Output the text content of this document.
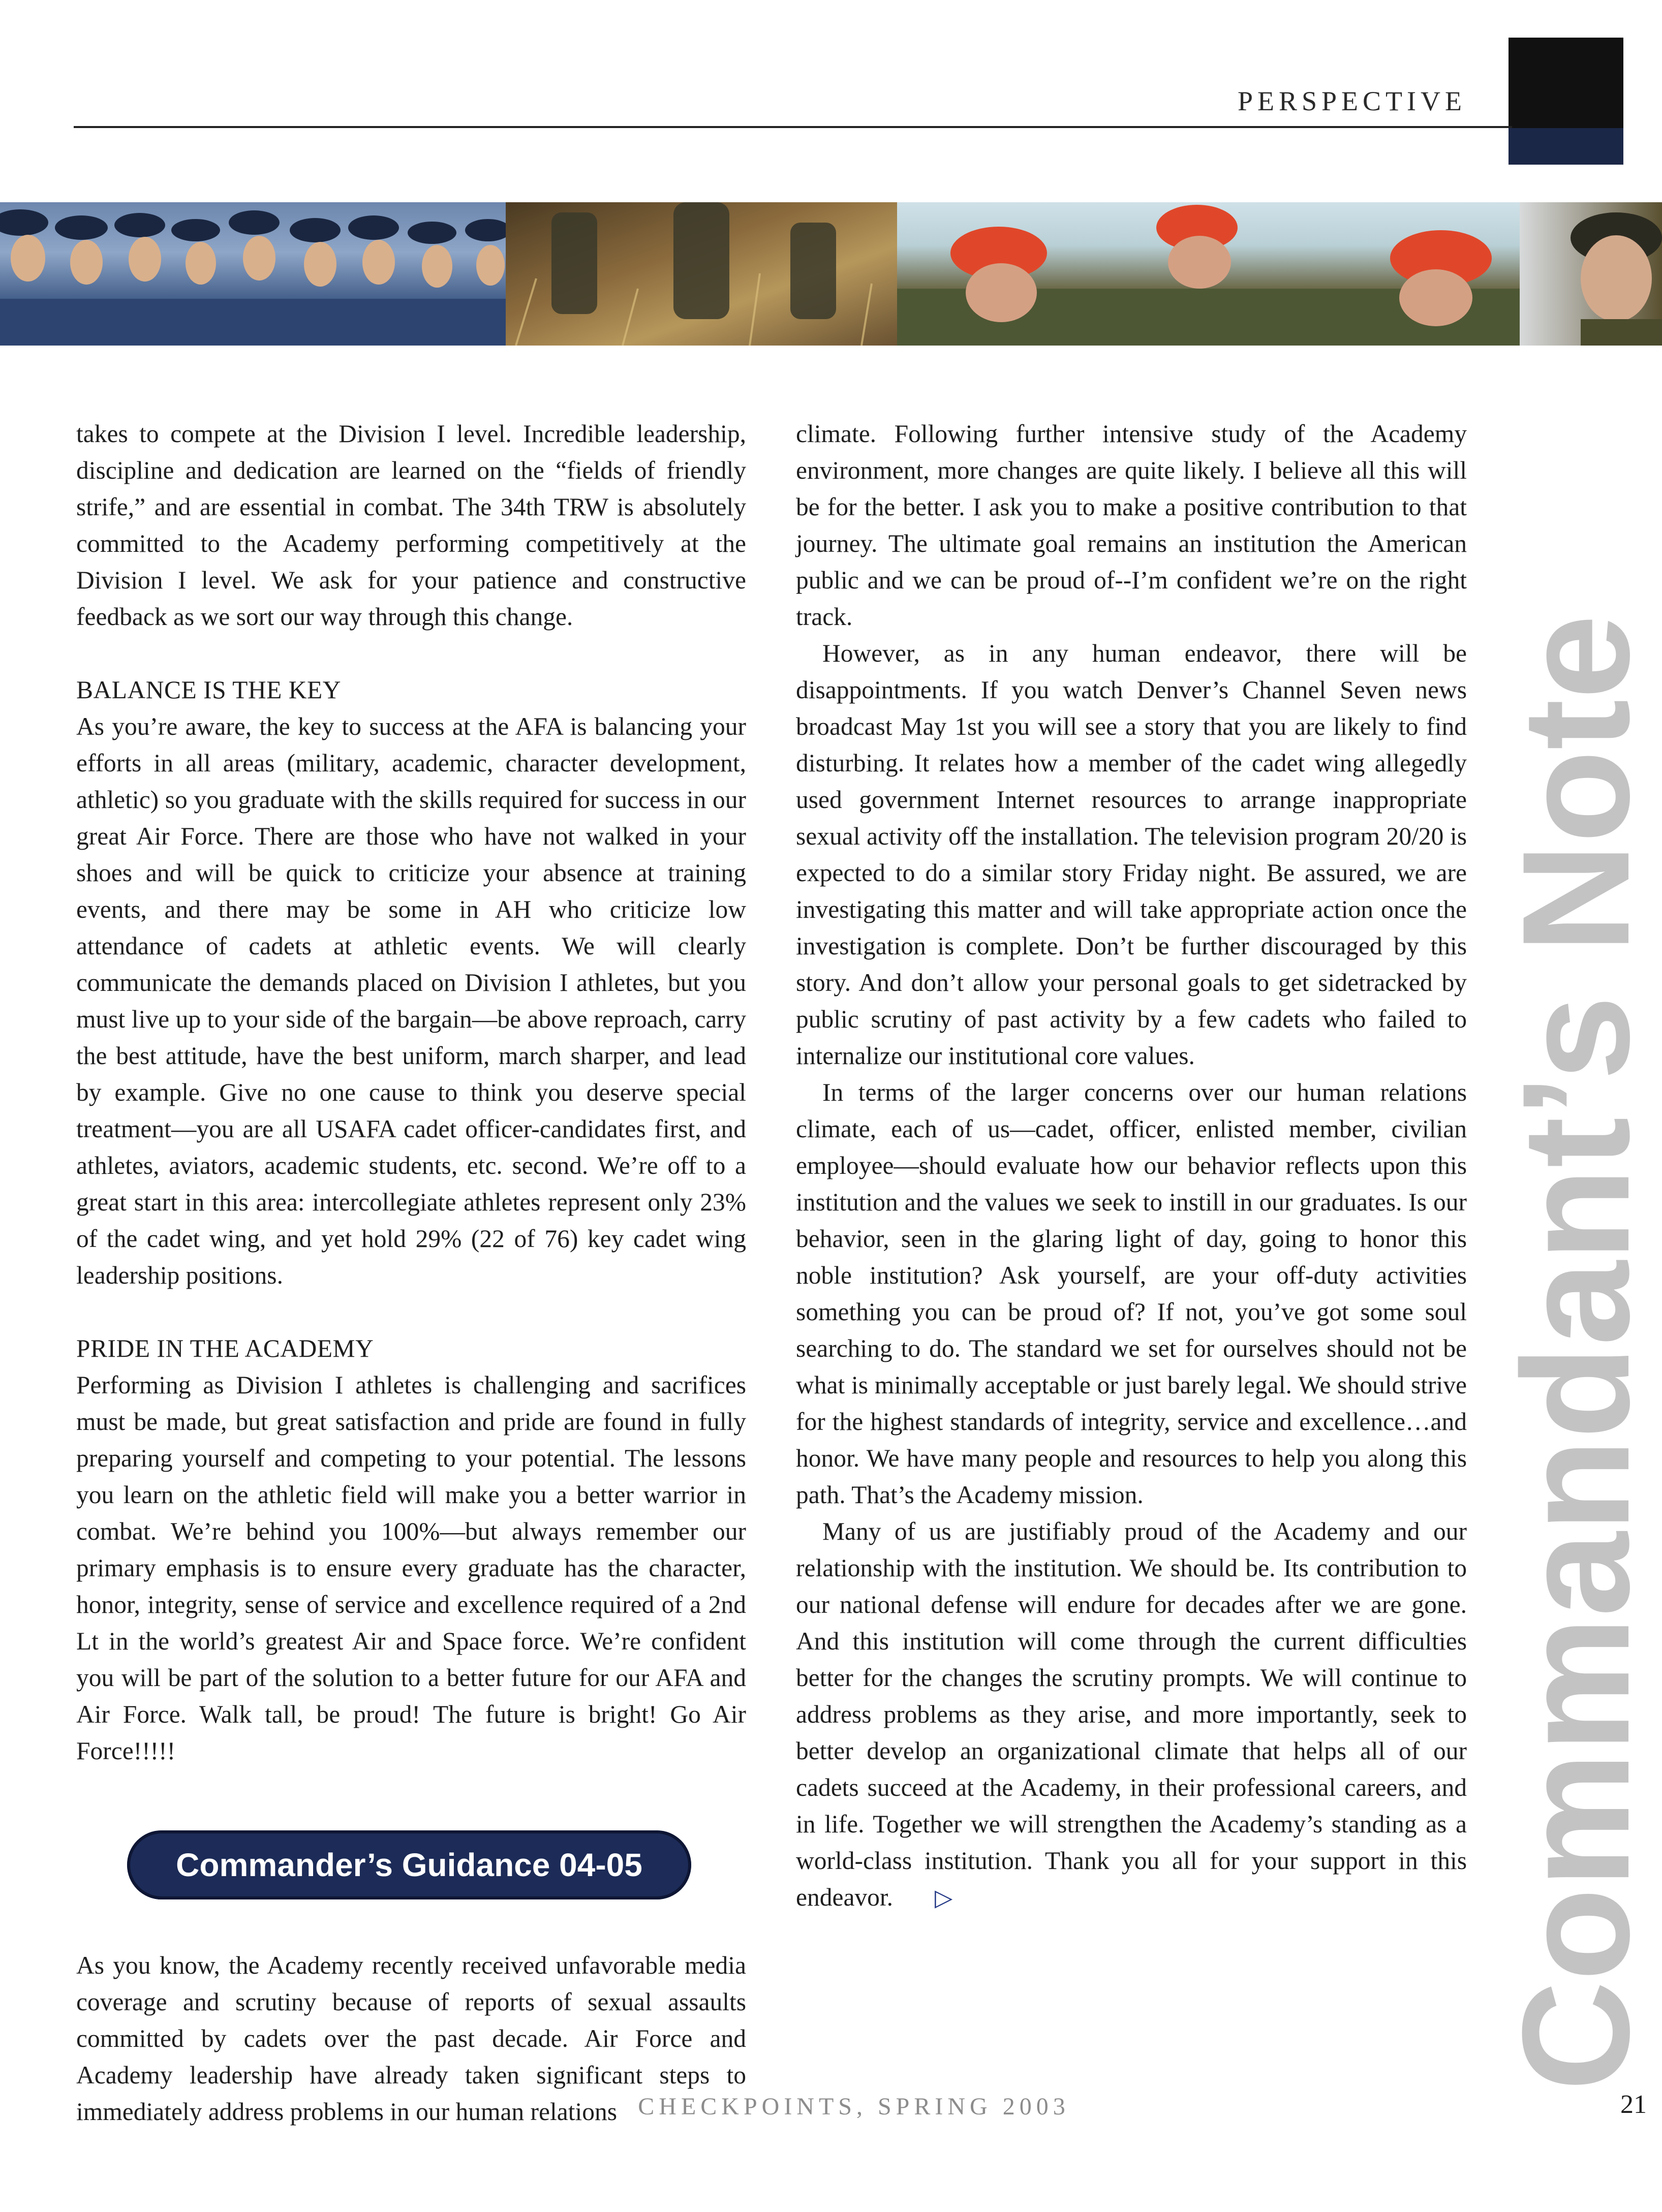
PERSPECTIVE
Commandant’s Note

takes to compete at the Division I level. Incredible leadership, discipline and dedication are learned on the “fields of friendly strife,” and are essential in combat. The 34th TRW is absolutely committed to the Academy performing competitively at the Division I level. We ask for your patience and constructive feedback as we sort our way through this change.

BALANCE IS THE KEY

As you’re aware, the key to success at the AFA is balancing your efforts in all areas (military, academic, character development, athletic) so you graduate with the skills required for success in our great Air Force. There are those who have not walked in your shoes and will be quick to criticize your absence at training events, and there may be some in AH who criticize low attendance of cadets at athletic events. We will clearly communicate the demands placed on Division I athletes, but you must live up to your side of the bargain—be above reproach, carry the best attitude, have the best uniform, march sharper, and lead by example. Give no one cause to think you deserve special treatment—you are all USAFA cadet officer-candidates first, and athletes, aviators, academic students, etc. second. We’re off to a great start in this area: intercollegiate athletes represent only 23% of the cadet wing, and yet hold 29% (22 of 76) key cadet wing leadership positions.

PRIDE IN THE ACADEMY

Performing as Division I athletes is challenging and sacrifices must be made, but great satisfaction and pride are found in fully preparing yourself and competing to your potential. The lessons you learn on the athletic field will make you a better warrior in combat. We’re behind you 100%—but always remember our primary emphasis is to ensure every graduate has the character, honor, integrity, sense of service and excellence required of a 2nd Lt in the world’s greatest Air and Space force. We’re confident you will be part of the solution to a better future for our AFA and Air Force. Walk tall, be proud! The future is bright! Go Air Force!!!!!

Commander’s Guidance 04-05

As you know, the Academy recently received unfavorable media coverage and scrutiny because of reports of sexual assaults committed by cadets over the past decade. Air Force and Academy leadership have already taken significant steps to immediately address problems in our human relations

climate. Following further intensive study of the Academy environment, more changes are quite likely. I believe all this will be for the better. I ask you to make a positive contribution to that journey. The ultimate goal remains an institution the American public and we can be proud of--I’m confident we’re on the right track.

However, as in any human endeavor, there will be disappointments. If you watch Denver’s Channel Seven news broadcast May 1st you will see a story that you are likely to find disturbing. It relates how a member of the cadet wing allegedly used government Internet resources to arrange inappropriate sexual activity off the installation. The television program 20/20 is expected to do a similar story Friday night. Be assured, we are investigating this matter and will take appropriate action once the investigation is complete. Don’t be further discouraged by this story. And don’t allow your personal goals to get sidetracked by public scrutiny of past activity by a few cadets who failed to internalize our institutional core values.

In terms of the larger concerns over our human relations climate, each of us—cadet, officer, enlisted member, civilian employee—should evaluate how our behavior reflects upon this institution and the values we seek to instill in our graduates. Is our behavior, seen in the glaring light of day, going to honor this noble institution? Ask yourself, are your off-duty activities something you can be proud of? If not, you’ve got some soul searching to do. The standard we set for ourselves should not be what is minimally acceptable or just barely legal. We should strive for the highest standards of integrity, service and excellence…and honor. We have many people and resources to help you along this path. That’s the Academy mission.

Many of us are justifiably proud of the Academy and our relationship with the institution. We should be. Its contribution to our national defense will endure for decades after we are gone. And this institution will come through the current difficulties better for the changes the scrutiny prompts. We will continue to address problems as they arise, and more importantly, seek to better develop an organizational climate that helps all of our cadets succeed at the Academy, in their professional careers, and in life. Together we will strengthen the Academy’s standing as a world-class institution. Thank you all for your support in this endeavor. ▷

CHECKPOINTS, SPRING 2003	21
